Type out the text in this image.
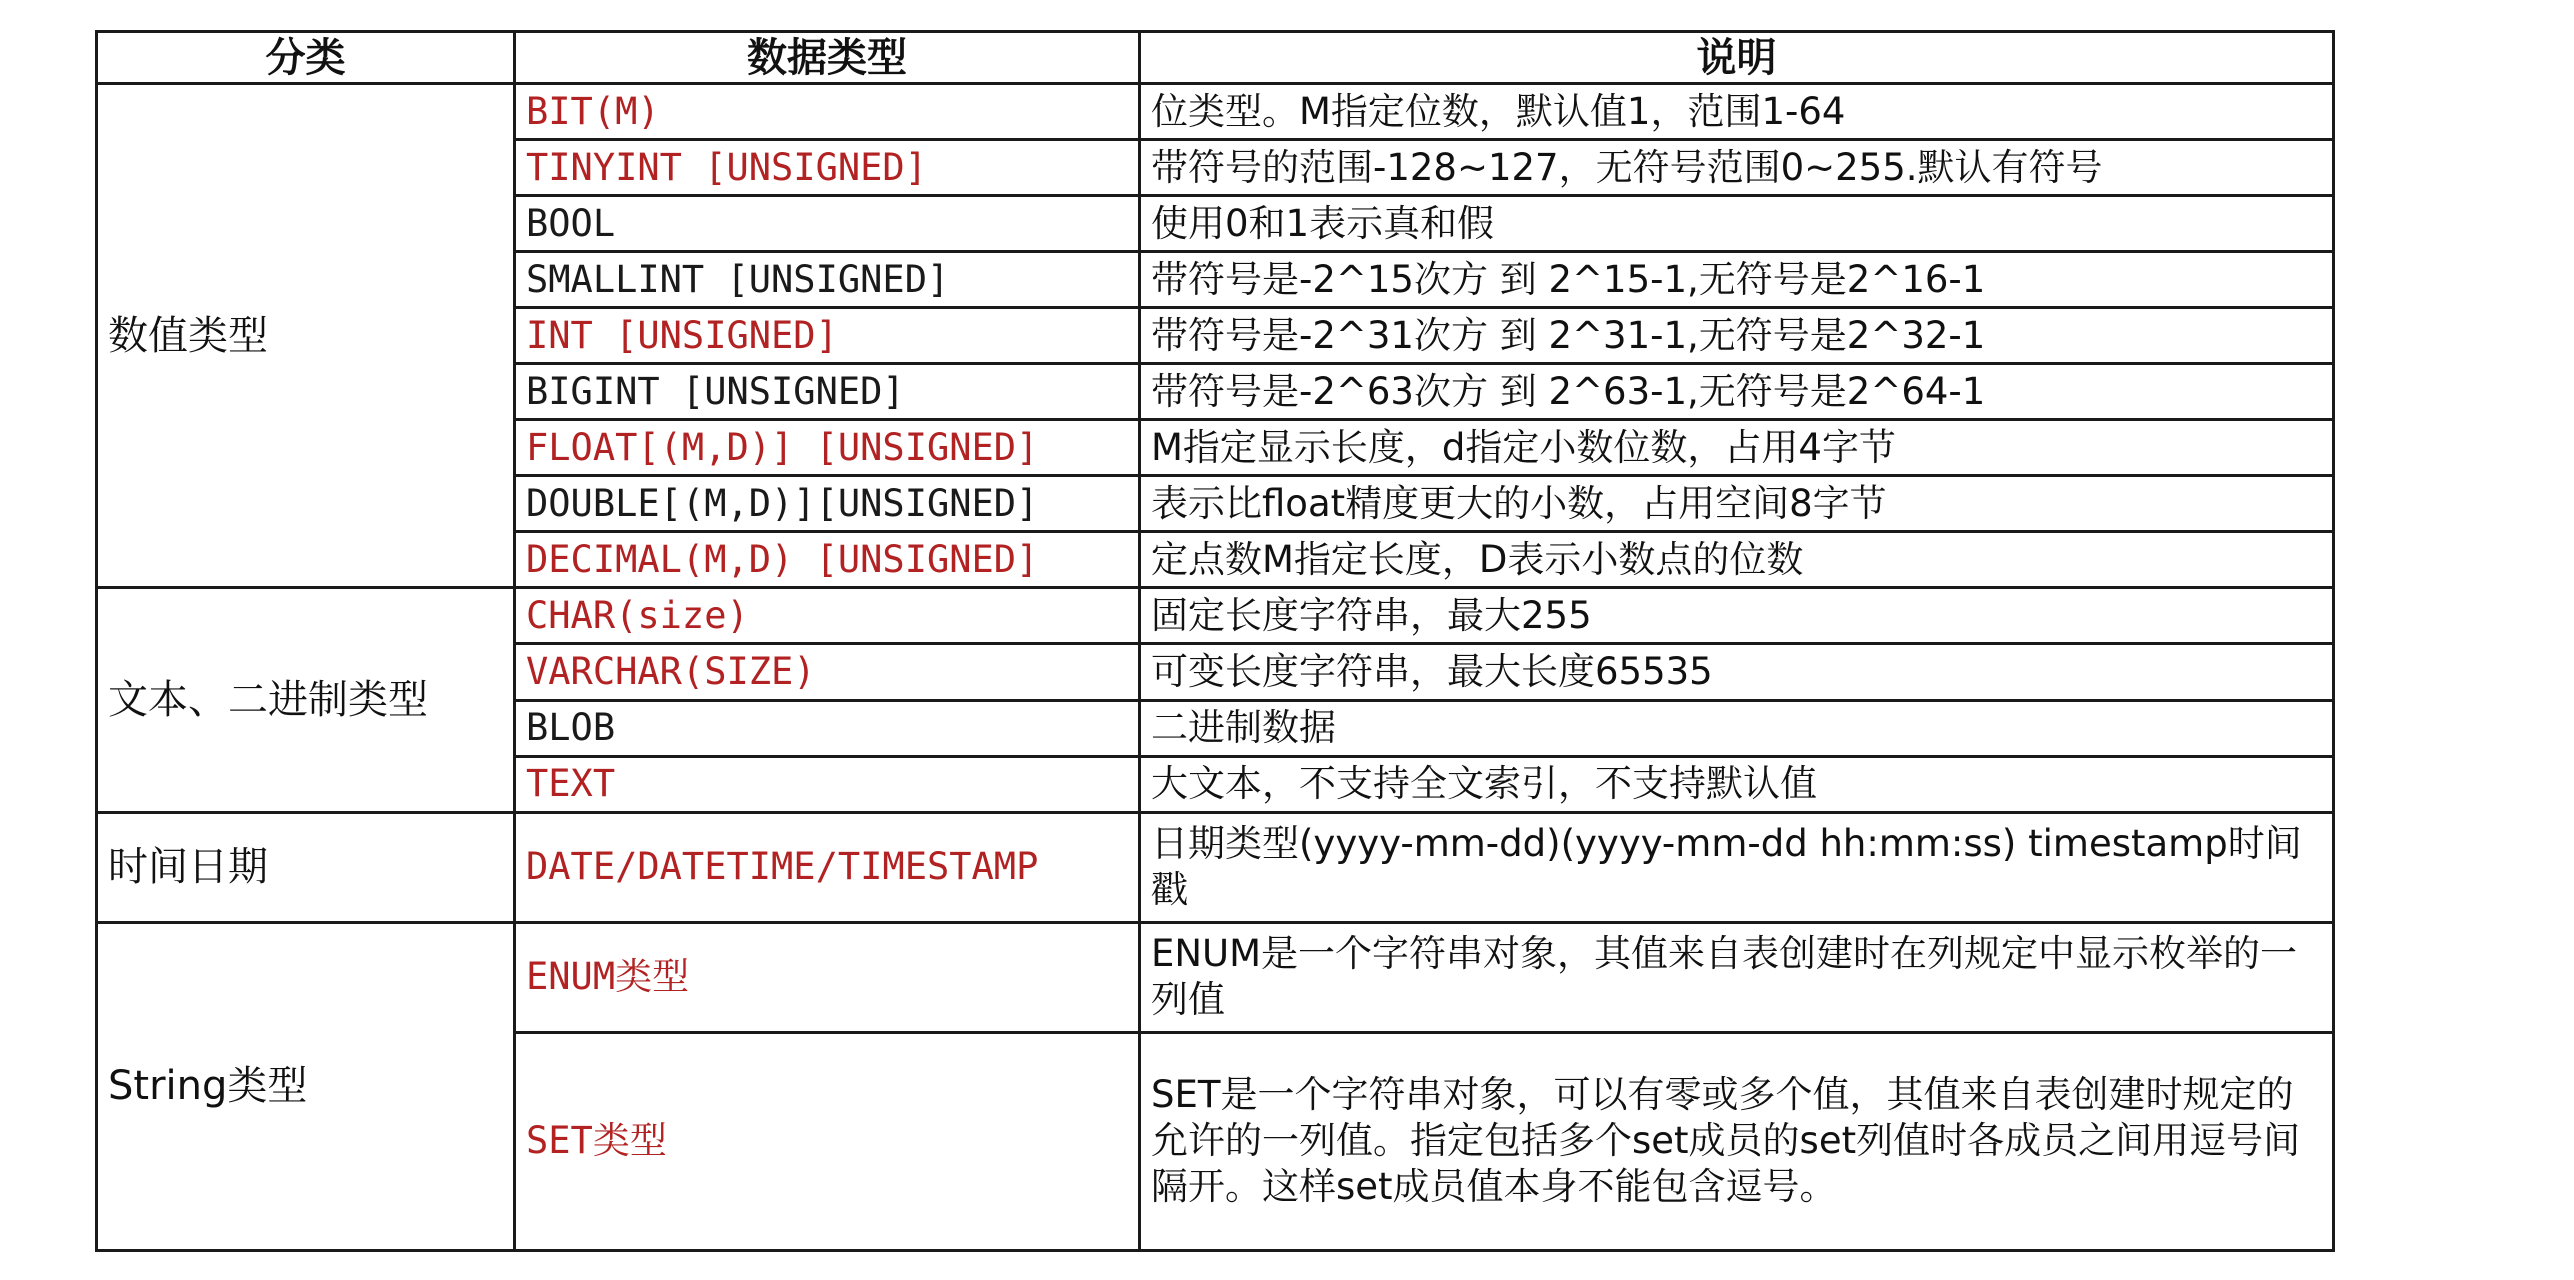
分类	数据类型	说明
数值类型	BIT(M)	位类型。M指定位数，默认值1，范围1-64
	TINYINT [UNSIGNED]	带符号的范围-128~127，无符号范围0~255.默认有符号
	BOOL	使用0和1表示真和假
	SMALLINT [UNSIGNED]	带符号是-2^15次方 到 2^15-1,无符号是2^16-1
	INT [UNSIGNED]	带符号是-2^31次方 到 2^31-1,无符号是2^32-1
	BIGINT [UNSIGNED]	带符号是-2^63次方 到 2^63-1,无符号是2^64-1
	FLOAT[(M,D)] [UNSIGNED]	M指定显示长度，d指定小数位数，占用4字节
	DOUBLE[(M,D)][UNSIGNED]	表示比float精度更大的小数，占用空间8字节
	DECIMAL(M,D) [UNSIGNED]	定点数M指定长度，D表示小数点的位数
文本、二进制类型	CHAR(size)	固定长度字符串，最大255
	VARCHAR(SIZE)	可变长度字符串，最大长度65535
	BLOB	二进制数据
	TEXT	大文本，不支持全文索引，不支持默认值
时间日期	DATE/DATETIME/TIMESTAMP	日期类型(yyyy-mm-dd)(yyyy-mm-dd hh:mm:ss) timestamp时间戳
String类型	ENUM类型	ENUM是一个字符串对象，其值来自表创建时在列规定中显示枚举的一列值
	SET类型	SET是一个字符串对象，可以有零或多个值，其值来自表创建时规定的允许的一列值。指定包括多个set成员的set列值时各成员之间用逗号间隔开。这样set成员值本身不能包含逗号。
